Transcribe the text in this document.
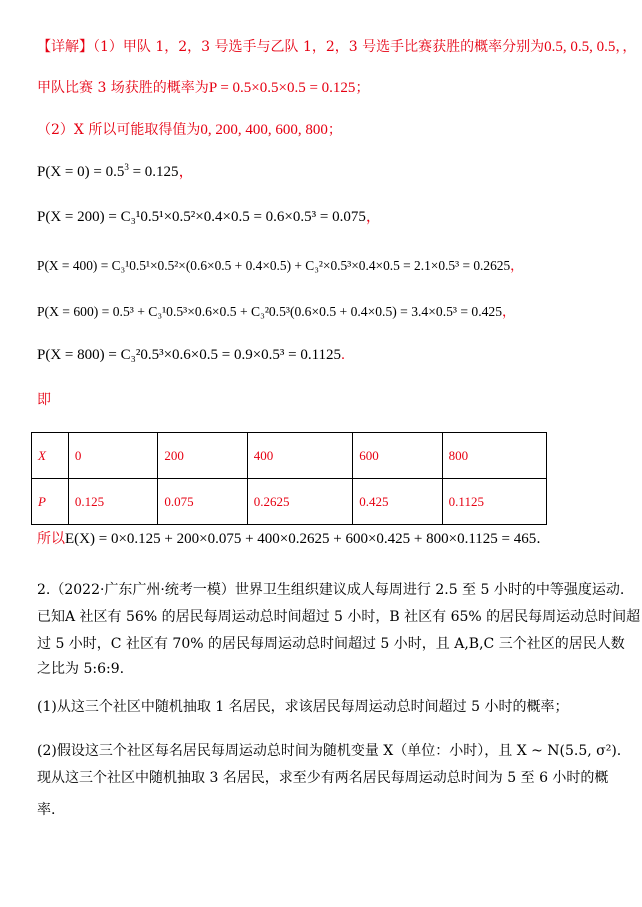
【详解】（1）甲队 1，2，3 号选手与乙队 1，2，3 号选手比赛获胜的概率分别为0.5, 0.5, 0.5，，
甲队比赛 3 场获胜的概率为P = 0.5×0.5×0.5 = 0.125；
（2）X 所以可能取得值为0, 200, 400, 600, 800；
$P(X = 0) = 0.5^3 = 0.125$，
P(X = 200) = C₃¹0.5¹×0.5²×0.4×0.5 = 0.6×0.5³ = 0.075，
P(X = 400) = C₃¹0.5¹×0.5²×(0.6×0.5 + 0.4×0.5) + C₃²×0.5³×0.4×0.5 = 2.1×0.5³ = 0.2625，
P(X = 600) = 0.5³ + C₃¹0.5³×0.6×0.5 + C₃²0.5³(0.6×0.5 + 0.4×0.5) = 3.4×0.5³ = 0.425，
P(X = 800) = C₃²0.5³×0.6×0.5 = 0.9×0.5³ = 0.1125.
即
X	0	200	400	600	800
P	0.125	0.075	0.2625	0.425	0.1125
所以E(X) = 0×0.125 + 200×0.075 + 400×0.2625 + 600×0.425 + 800×0.1125 = 465.
2.（2022·广东广州·统考一模）世界卫生组织建议成人每周进行 2.5 至 5 小时的中等强度运动.
已知A 社区有 56% 的居民每周运动总时间超过 5 小时，B 社区有 65% 的居民每周运动总时间超
过 5 小时，C 社区有 70% 的居民每周运动总时间超过 5 小时，且 A,B,C 三个社区的居民人数
之比为 5:6:9.
(1)从这三个社区中随机抽取 1 名居民，求该居民每周运动总时间超过 5 小时的概率；
(2)假设这三个社区每名居民每周运动总时间为随机变量 X（单位：小时），且 X ~ N(5.5, σ²).
现从这三个社区中随机抽取 3 名居民，求至少有两名居民每周运动总时间为 5 至 6 小时的概
率.
